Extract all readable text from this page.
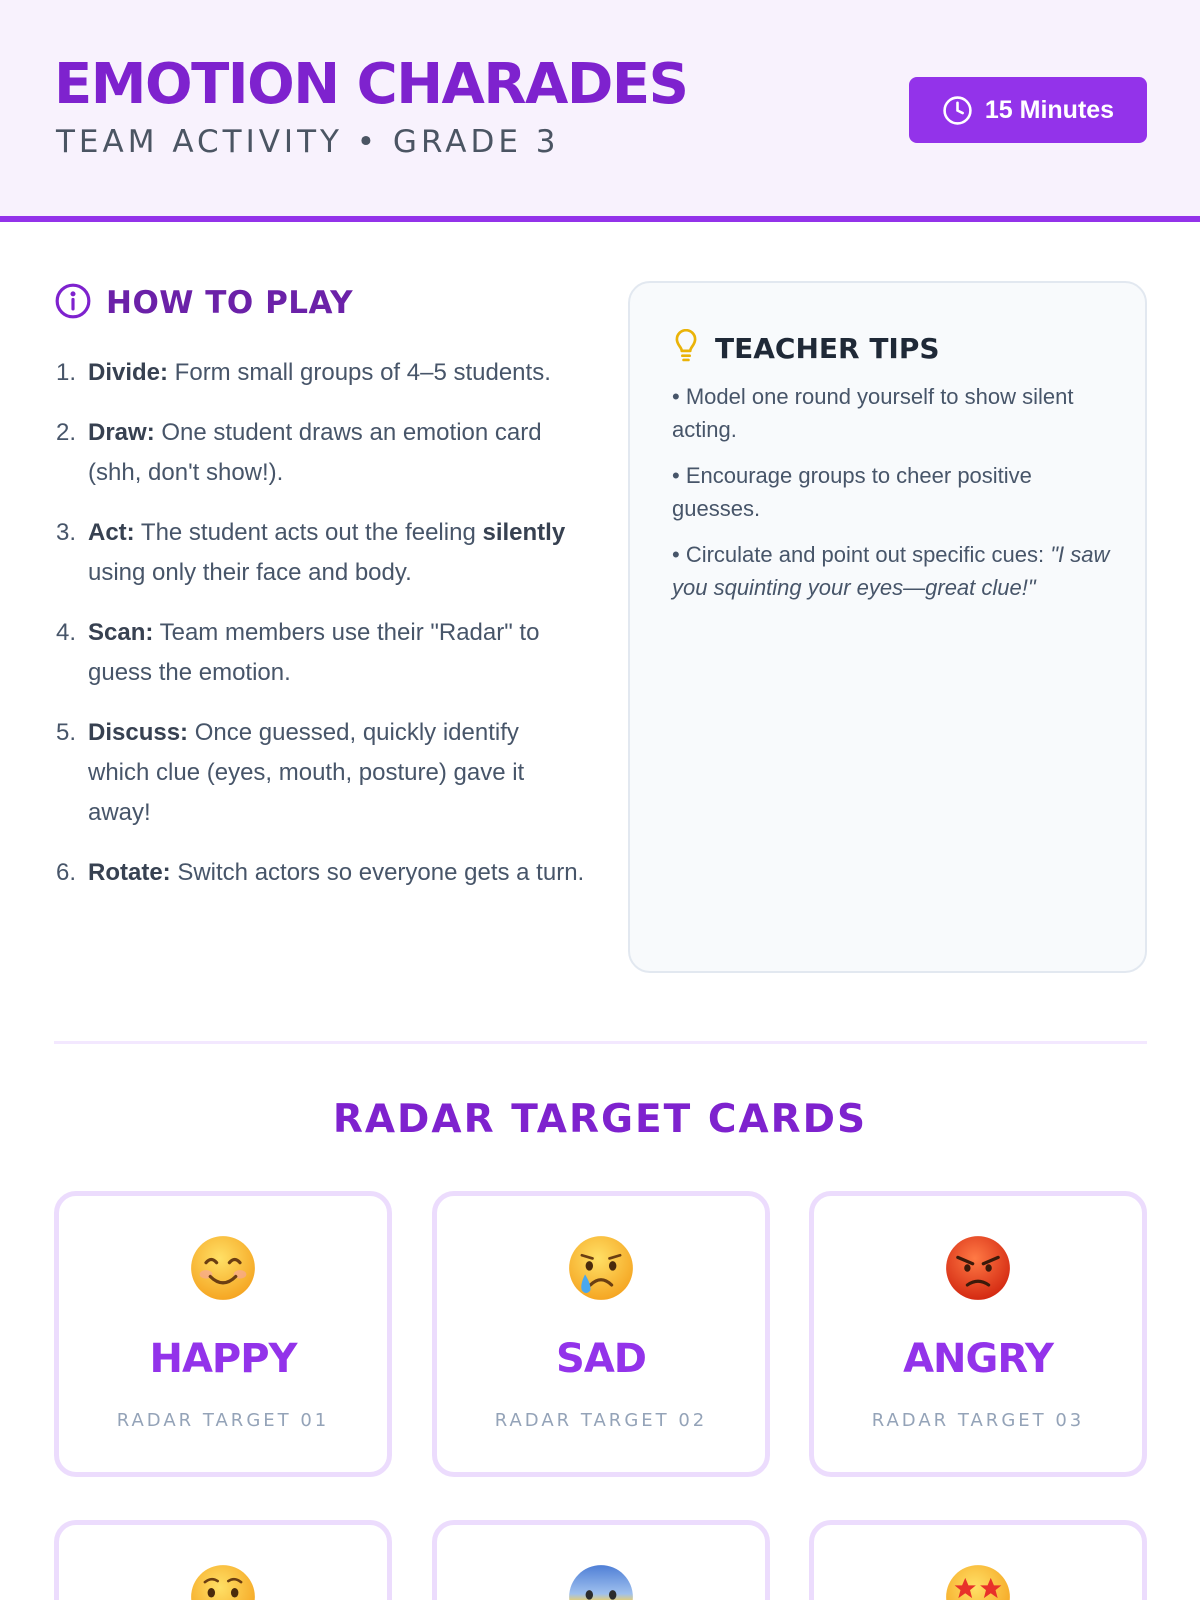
EMOTION CHARADES
TEAM ACTIVITY • GRADE 3
15 Minutes
HOW TO PLAY
1. Divide: Form small groups of 4–5 students.
2. Draw: One student draws an emotion card (shh, don't show!).
3. Act: The student acts out the feeling silently using only their face and body.
4. Scan: Team members use their "Radar" to guess the emotion.
5. Discuss: Once guessed, quickly identify which clue (eyes, mouth, posture) gave it away!
6. Rotate: Switch actors so everyone gets a turn.
TEACHER TIPS
• Model one round yourself to show silent acting.
• Encourage groups to cheer positive guesses.
• Circulate and point out specific cues: "I saw you squinting your eyes—great clue!"
RADAR TARGET CARDS
HAPPY
RADAR TARGET 01
SAD
RADAR TARGET 02
ANGRY
RADAR TARGET 03
